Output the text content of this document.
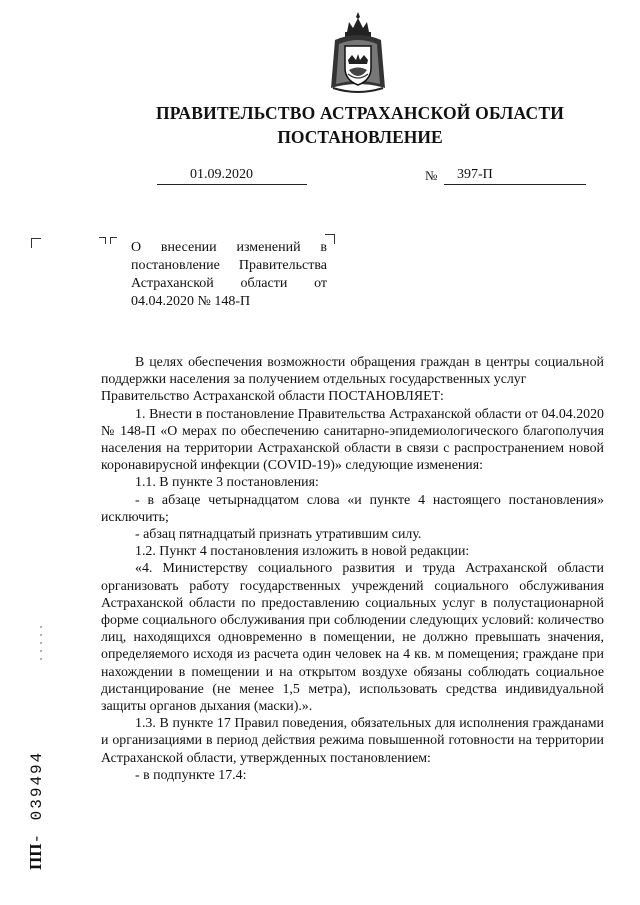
ПРАВИТЕЛЬСТВО АСТРАХАНСКОЙ ОБЛАСТИ
ПОСТАНОВЛЕНИЕ
01.09.2020	№ 397-П
О внесении изменений в
постановление Правительства
Астраханской области от
04.04.2020 № 148-П
В целях обеспечения возможности обращения граждан в центры социальной поддержки населения за получением отдельных государственных услуг
Правительство Астраханской области ПОСТАНОВЛЯЕТ:
1. Внести в постановление Правительства Астраханской области от 04.04.2020 № 148-П «О мерах по обеспечению санитарно-эпидемиологического благополучия населения на территории Астраханской области в связи с распространением новой коронавирусной инфекции (COVID-19)» следующие изменения:
1.1. В пункте 3 постановления:
- в абзаце четырнадцатом слова «и пункте 4 настоящего постановления» исключить;
- абзац пятнадцатый признать утратившим силу.
1.2. Пункт 4 постановления изложить в новой редакции:
«4. Министерству социального развития и труда Астраханской области организовать работу государственных учреждений социального обслуживания Астраханской области по предоставлению социальных услуг в полустационарной форме социального обслуживания при соблюдении следующих условий: количество лиц, находящихся одновременно в помещении, не должно превышать значения, определяемого исходя из расчета один человек на 4 кв. м помещения; граждане при нахождении в помещении и на открытом воздухе обязаны соблюдать социальное дистанцирование (не менее 1,5 метра), использовать средства индивидуальной защиты органов дыхания (маски).».
1.3. В пункте 17 Правил поведения, обязательных для исполнения гражданами и организациями в период действия режима повышенной готовности на территории Астраханской области, утвержденных постановлением:
- в подпункте 17.4:
ПП- 039494
